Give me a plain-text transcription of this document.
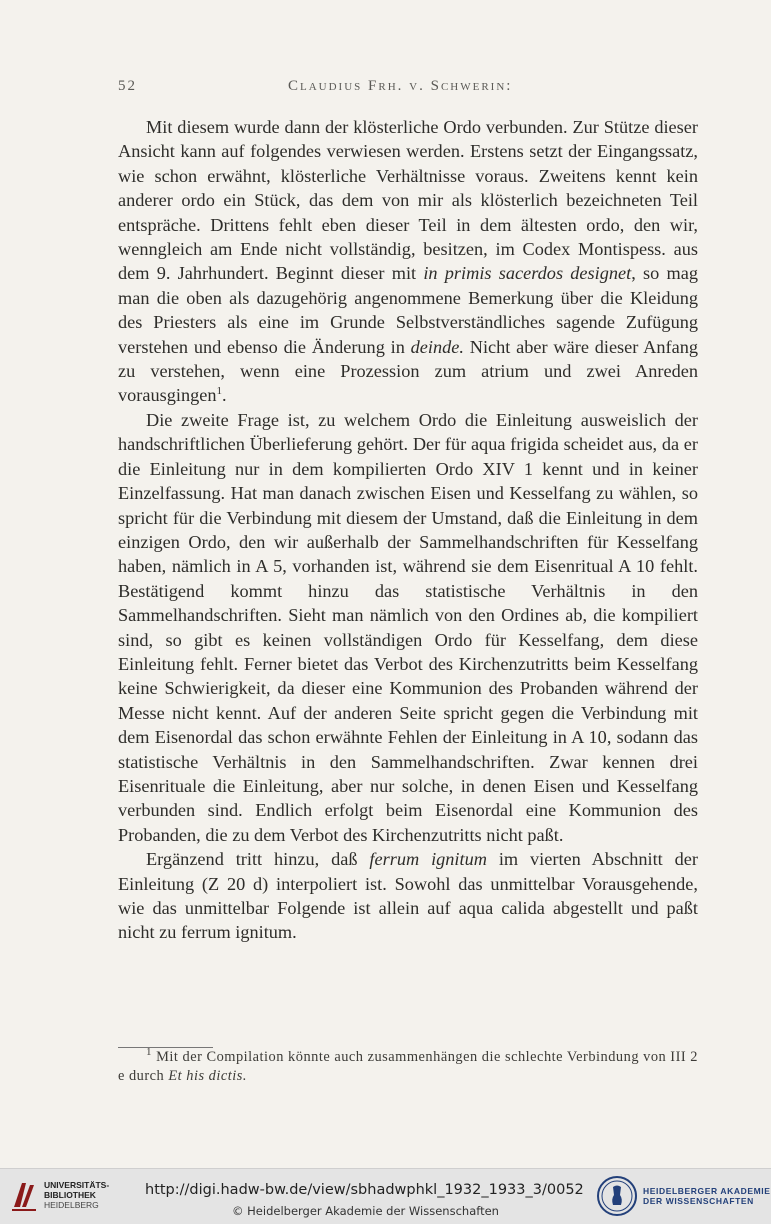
52	Claudius Frh. v. Schwerin:

Mit diesem wurde dann der klösterliche Ordo verbunden. Zur Stütze dieser Ansicht kann auf folgendes verwiesen werden. Erstens setzt der Eingangssatz, wie schon erwähnt, klösterliche Verhältnisse voraus. Zweitens kennt kein anderer ordo ein Stück, das dem von mir als klösterlich bezeichneten Teil entspräche. Drittens fehlt eben dieser Teil in dem ältesten ordo, den wir, wenngleich am Ende nicht vollständig, besitzen, im Codex Montispess. aus dem 9. Jahrhundert. Beginnt dieser mit in primis sacerdos designet, so mag man die oben als dazugehörig angenommene Bemerkung über die Kleidung des Priesters als eine im Grunde Selbstverständliches sagende Zufügung verstehen und ebenso die Änderung in deinde. Nicht aber wäre dieser Anfang zu verstehen, wenn eine Prozession zum atrium und zwei Anreden vorausgingen$^1$.

Die zweite Frage ist, zu welchem Ordo die Einleitung ausweislich der handschriftlichen Überlieferung gehört. Der für aqua frigida scheidet aus, da er die Einleitung nur in dem kompilierten Ordo XIV 1 kennt und in keiner Einzelfassung. Hat man danach zwischen Eisen und Kesselfang zu wählen, so spricht für die Verbindung mit diesem der Umstand, daß die Einleitung in dem einzigen Ordo, den wir außerhalb der Sammelhandschriften für Kesselfang haben, nämlich in A 5, vorhanden ist, während sie dem Eisenritual A 10 fehlt. Bestätigend kommt hinzu das statistische Verhältnis in den Sammelhandschriften. Sieht man nämlich von den Ordines ab, die kompiliert sind, so gibt es keinen vollständigen Ordo für Kesselfang, dem diese Einleitung fehlt. Ferner bietet das Verbot des Kirchenzutritts beim Kesselfang keine Schwierigkeit, da dieser eine Kommunion des Probanden während der Messe nicht kennt. Auf der anderen Seite spricht gegen die Verbindung mit dem Eisenordal das schon erwähnte Fehlen der Einleitung in A 10, sodann das statistische Verhältnis in den Sammelhandschriften. Zwar kennen drei Eisenrituale die Einleitung, aber nur solche, in denen Eisen und Kesselfang verbunden sind. Endlich erfolgt beim Eisenordal eine Kommunion des Probanden, die zu dem Verbot des Kirchenzutritts nicht paßt.

Ergänzend tritt hinzu, daß ferrum ignitum im vierten Abschnitt der Einleitung (Z 20 d) interpoliert ist. Sowohl das unmittelbar Vorausgehende, wie das unmittelbar Folgende ist allein auf aqua calida abgestellt und paßt nicht zu ferrum ignitum.

$^1$ Mit der Compilation könnte auch zusammenhängen die schlechte Verbindung von III 2 e durch Et his dictis.

UNIVERSITÄTS-
BIBLIOTHEK
HEIDELBERG
http://digi.hadw-bw.de/view/sbhadwphkl_1932_1933_3/0052
© Heidelberger Akademie der Wissenschaften
HEIDELBERGER AKADEMIE
DER WISSENSCHAFTEN
